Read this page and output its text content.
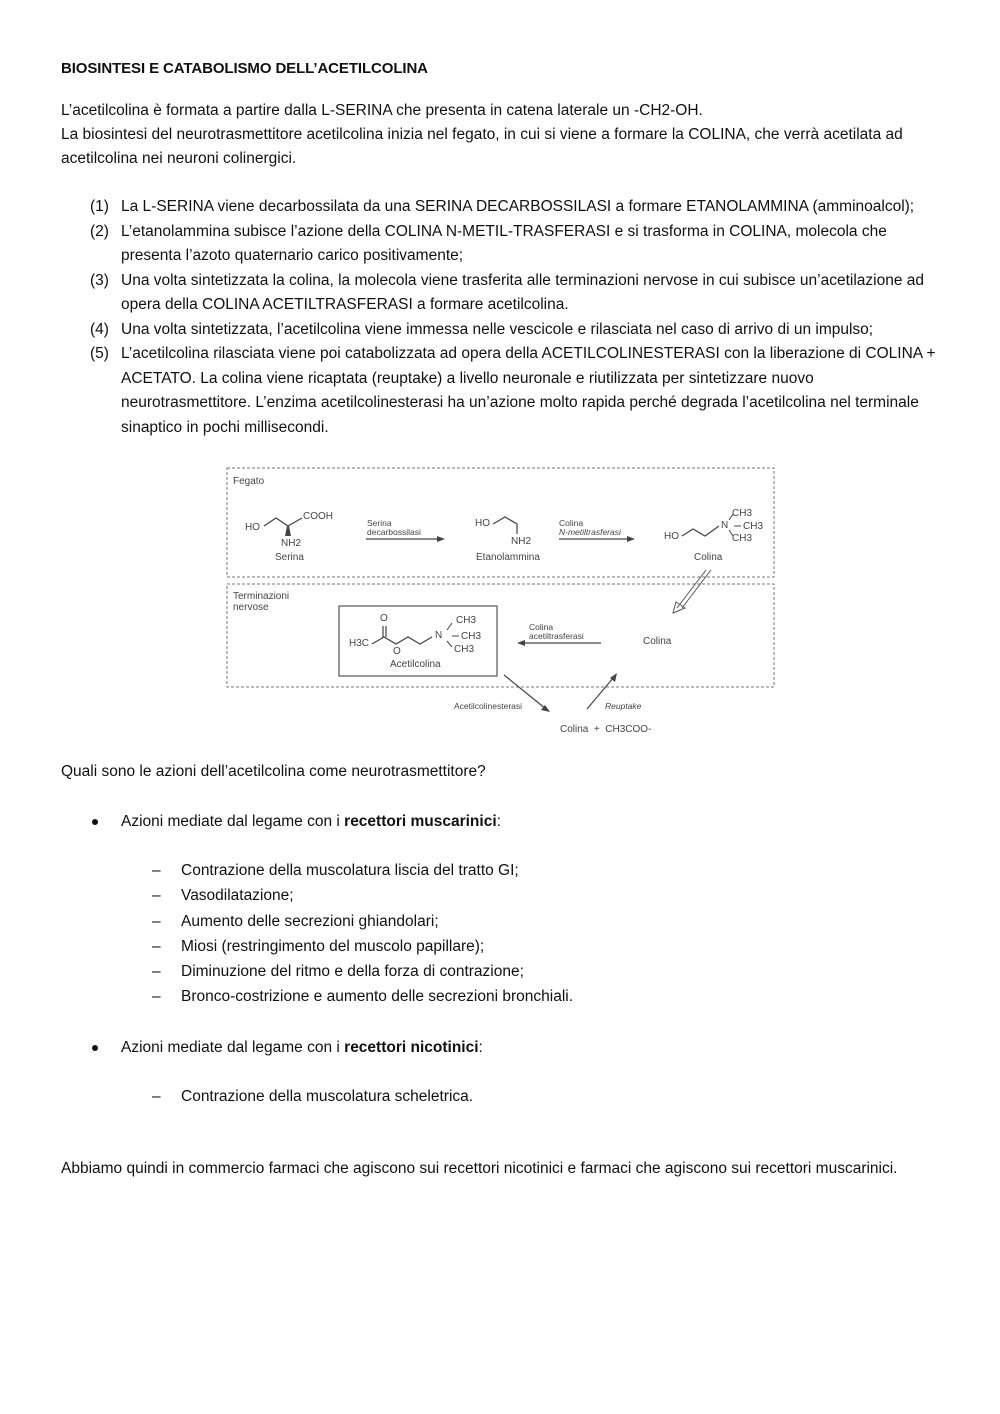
BIOSINTESI E CATABOLISMO DELL’ACETILCOLINA

L’acetilcolina è formata a partire dalla L-SERINA che presenta in catena laterale un -CH2-OH.

La biosintesi del neurotrasmettitore acetilcolina inizia nel fegato, in cui si viene a formare la COLINA, che verrà acetilata ad acetilcolina nei neuroni colinergici.

(1) La L-SERINA viene decarbossilata da una SERINA DECARBOSSILASI a formare ETANOLAMMINA (amminoalcol);
(2) L’etanolammina subisce l’azione della COLINA N-METIL-TRASFERASI e si trasforma in COLINA, molecola che presenta l’azoto quaternario carico positivamente;
(3) Una volta sintetizzata la colina, la molecola viene trasferita alle terminazioni nervose in cui subisce un’acetilazione ad opera della COLINA ACETILTRASFERASI a formare acetilcolina.
(4) Una volta sintetizzata, l’acetilcolina viene immessa nelle vescicole e rilasciata nel caso di arrivo di un impulso;
(5) L’acetilcolina rilasciata viene poi catabolizzata ad opera della ACETILCOLINESTERASI con la liberazione di COLINA + ACETATO. La colina viene ricaptata (reuptake) a livello neuronale e riutilizzata per sintetizzare nuovo neurotrasmettitore. L’enzima acetilcolinesterasi ha un’azione molto rapida perché degrada l’acetilcolina nel terminale sinaptico in pochi millisecondi.
Fegato
Terminazioni
nervose
HO
COOH
NH2
Serina
Serina
decarbossilasi
HO
NH2
Etanolammina
Colina
N-metiltrasferasi	HO
CH3
N CH3
CH3
Colina
H3C
O
O
CH3
N CH3
CH3
Acetilcolina
Colina
acetiltrasferasi	Colina
Acetilcolinesterasi	Reuptake
Colina  +  CH3COO-

Quali sono le azioni dell’acetilcolina come neurotrasmettitore?

Azioni mediate dal legame con i recettori muscarinici:
– Contrazione della muscolatura liscia del tratto GI;
– Vasodilatazione;
– Aumento delle secrezioni ghiandolari;
– Miosi (restringimento del muscolo papillare);
– Diminuzione del ritmo e della forza di contrazione;
– Bronco-costrizione e aumento delle secrezioni bronchiali.
Azioni mediate dal legame con i recettori nicotinici:
– Contrazione della muscolatura scheletrica.

Abbiamo quindi in commercio farmaci che agiscono sui recettori nicotinici e farmaci che agiscono sui recettori muscarinici.
